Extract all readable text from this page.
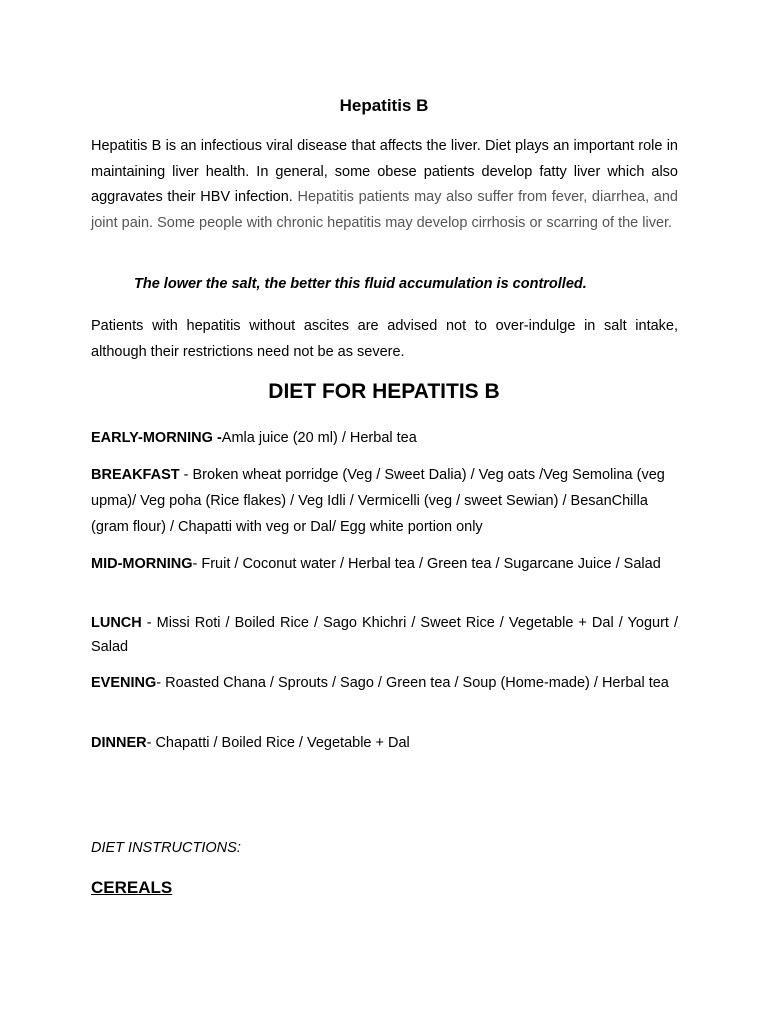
Hepatitis B

Hepatitis B is an infectious viral disease that affects the liver. Diet plays an important role in maintaining liver health. In general, some obese patients develop fatty liver which also aggravates their HBV infection. Hepatitis patients may also suffer from fever, diarrhea, and joint pain. Some people with chronic hepatitis may develop cirrhosis or scarring of the liver.

The lower the salt, the better this fluid accumulation is controlled.

Patients with hepatitis without ascites are advised not to over-indulge in salt intake, although their restrictions need not be as severe.

DIET FOR HEPATITIS B

EARLY-MORNING -Amla juice (20 ml) / Herbal tea

BREAKFAST - Broken wheat porridge (Veg / Sweet Dalia) / Veg oats /Veg Semolina (veg upma)/ Veg poha (Rice flakes) / Veg Idli / Vermicelli (veg / sweet Sewian) / BesanChilla (gram flour) / Chapatti with veg or Dal/ Egg white portion only

MID-MORNING- Fruit / Coconut water / Herbal tea / Green tea / Sugarcane Juice / Salad

LUNCH - Missi Roti / Boiled Rice / Sago Khichri / Sweet Rice / Vegetable + Dal / Yogurt / Salad

EVENING- Roasted Chana / Sprouts / Sago / Green tea / Soup (Home-made) / Herbal tea

DINNER- Chapatti / Boiled Rice / Vegetable + Dal

DIET INSTRUCTIONS:
CEREALS
